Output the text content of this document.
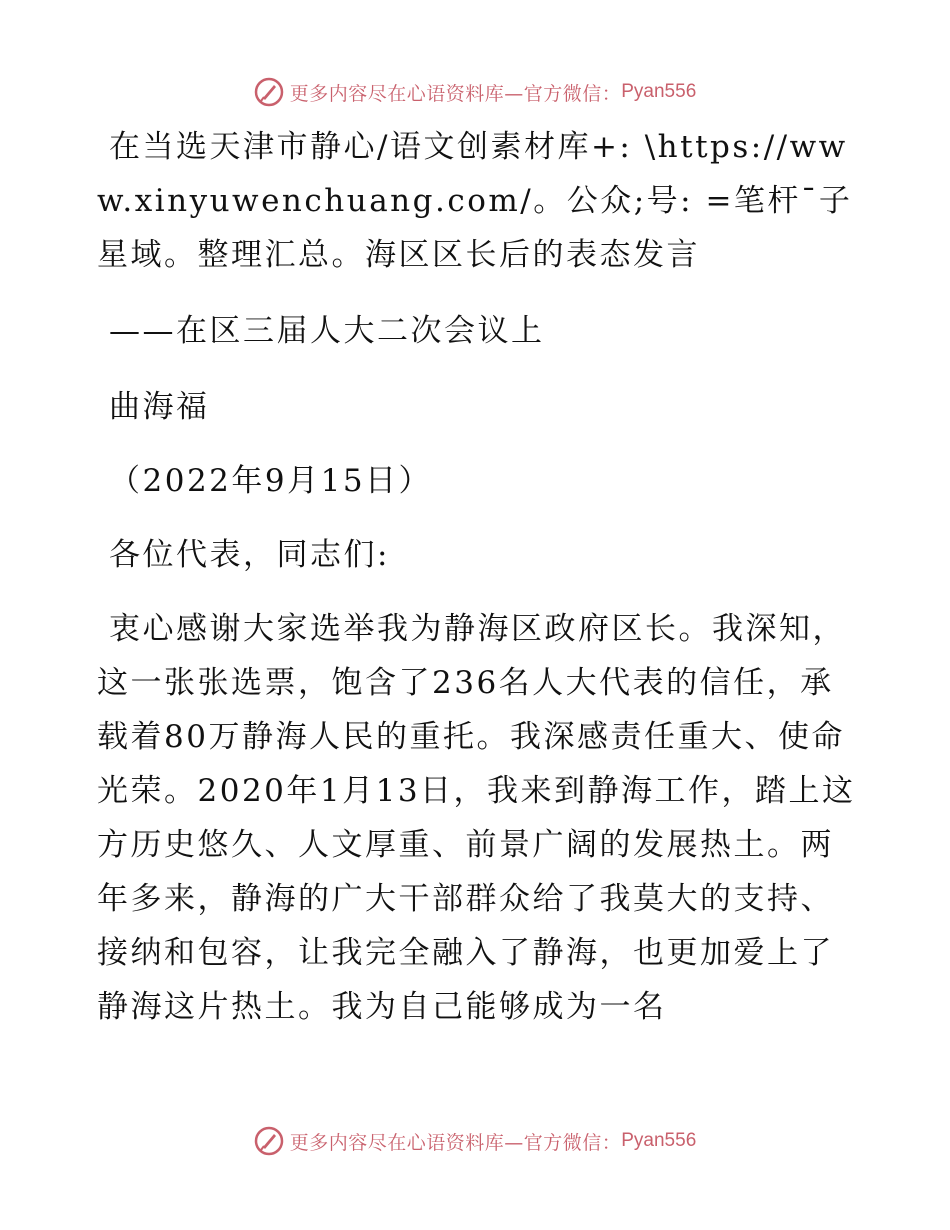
更多内容尽在心语资料库—官方微信： Pyan556

在当选天津市静心/语文创素材库+: \https://www.xinyuwenchuang.com/。公众;号: =笔杆¯子星域。整理汇总。海区区长后的表态发言

——在区三届人大二次会议上

曲海福

（2022年9月15日）

各位代表，同志们:

衷心感谢大家选举我为静海区政府区长。我深知，这一张张选票，饱含了236名人大代表的信任，承载着80万静海人民的重托。我深感责任重大、使命光荣。2020年1月13日，我来到静海工作，踏上这方历史悠久、人文厚重、前景广阔的发展热土。两年多来，静海的广大干部群众给了我莫大的支持、接纳和包容，让我完全融入了静海，也更加爱上了静海这片热土。我为自己能够成为一名

更多内容尽在心语资料库—官方微信： Pyan556
